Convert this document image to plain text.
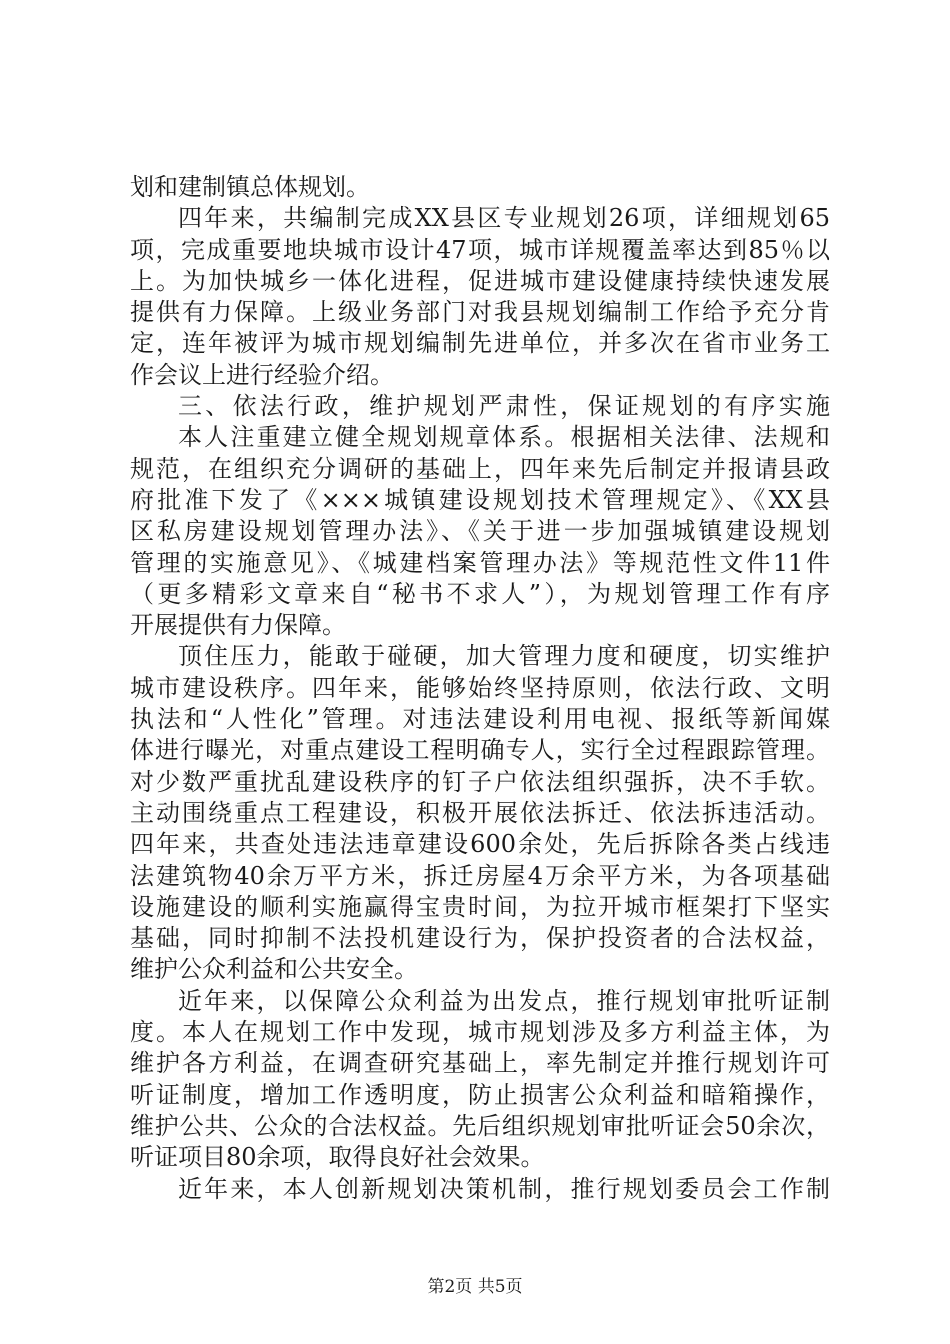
划和建制镇总体规划。
四年来，共编制完成XX县区专业规划26项，详细规划65
项，完成重要地块城市设计47项，城市详规覆盖率达到85％以
上。为加快城乡一体化进程，促进城市建设健康持续快速发展
提供有力保障。上级业务部门对我县规划编制工作给予充分肯
定，连年被评为城市规划编制先进单位，并多次在省市业务工
作会议上进行经验介绍。
三、依法行政，维护规划严肃性，保证规划的有序实施
本人注重建立健全规划规章体系。根据相关法律、法规和
规范，在组织充分调研的基础上，四年来先后制定并报请县政
府批准下发了《×××城镇建设规划技术管理规定》、《XX县
区私房建设规划管理办法》、《关于进一步加强城镇建设规划
管理的实施意见》、《城建档案管理办法》等规范性文件11件
（更多精彩文章来自“秘书不求人”），为规划管理工作有序
开展提供有力保障。
顶住压力，能敢于碰硬，加大管理力度和硬度，切实维护
城市建设秩序。四年来，能够始终坚持原则，依法行政、文明
执法和“人性化”管理。对违法建设利用电视、报纸等新闻媒
体进行曝光，对重点建设工程明确专人，实行全过程跟踪管理。
对少数严重扰乱建设秩序的钉子户依法组织强拆，决不手软。
主动围绕重点工程建设，积极开展依法拆迁、依法拆违活动。
四年来，共查处违法违章建设600余处，先后拆除各类占线违
法建筑物40余万平方米，拆迁房屋4万余平方米，为各项基础
设施建设的顺利实施赢得宝贵时间，为拉开城市框架打下坚实
基础，同时抑制不法投机建设行为，保护投资者的合法权益，
维护公众利益和公共安全。
近年来，以保障公众利益为出发点，推行规划审批听证制
度。本人在规划工作中发现，城市规划涉及多方利益主体，为
维护各方利益，在调查研究基础上，率先制定并推行规划许可
听证制度，增加工作透明度，防止损害公众利益和暗箱操作，
维护公共、公众的合法权益。先后组织规划审批听证会50余次，
听证项目80余项，取得良好社会效果。
近年来，本人创新规划决策机制，推行规划委员会工作制
第2页 共5页
